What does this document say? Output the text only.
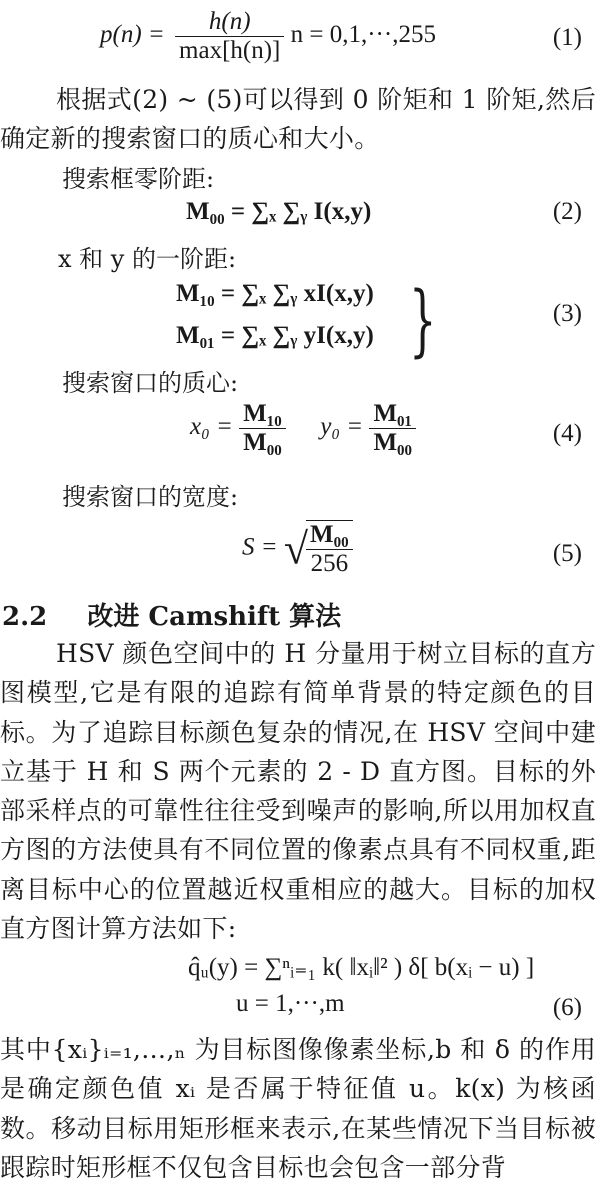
$p(n) = \frac{h(n)}{\max[h(n)]}$ n = 0,1,···,255	(1)
根据式(2) ~ (5)可以得到 0 阶矩和 1 阶矩,然后确定新的搜索窗口的质心和大小。
搜索框零阶距:
M₀₀ = ∑ₓ ∑ᵧ I(x,y)	(2)
x 和 y 的一阶距:
M₁₀ = ∑ₓ ∑ᵧ xI(x,y)
M₀₁ = ∑ₓ ∑ᵧ yI(x,y) }	(3)
搜索窗口的质心:
$x_0 = \frac{\text{M₁₀}}{\text{M₀₀}} y_0 = \frac{\text{M₀₁}}{\text{M₀₀}}$	(4)
搜索窗口的宽度:
S = √
$\frac{\text{M₀₀}}{256}$	(5)
2.2 改进 Camshift 算法
HSV 颜色空间中的 H 分量用于树立目标的直方图模型,它是有限的追踪有简单背景的特定颜色的目标。为了追踪目标颜色复杂的情况,在 HSV 空间中建立基于 H 和 S 两个元素的 2 - D 直方图。目标的外部采样点的可靠性往往受到噪声的影响,所以用加权直方图的方法使具有不同位置的像素点具有不同权重,距离目标中心的位置越近权重相应的越大。目标的加权直方图计算方法如下:
q̂ᵤ(y) = ∑ⁿᵢ₌₁ k( ‖xᵢ‖² ) δ[ b(xᵢ − u) ]
u = 1,···,m	(6)
其中{xᵢ}ᵢ₌₁,…,ₙ 为目标图像像素坐标,b 和 δ 的作用是确定颜色值 xᵢ 是否属于特征值 u。k(x) 为核函数。移动目标用矩形框来表示,在某些情况下当目标被跟踪时矩形框不仅包含目标也会包含一部分背
